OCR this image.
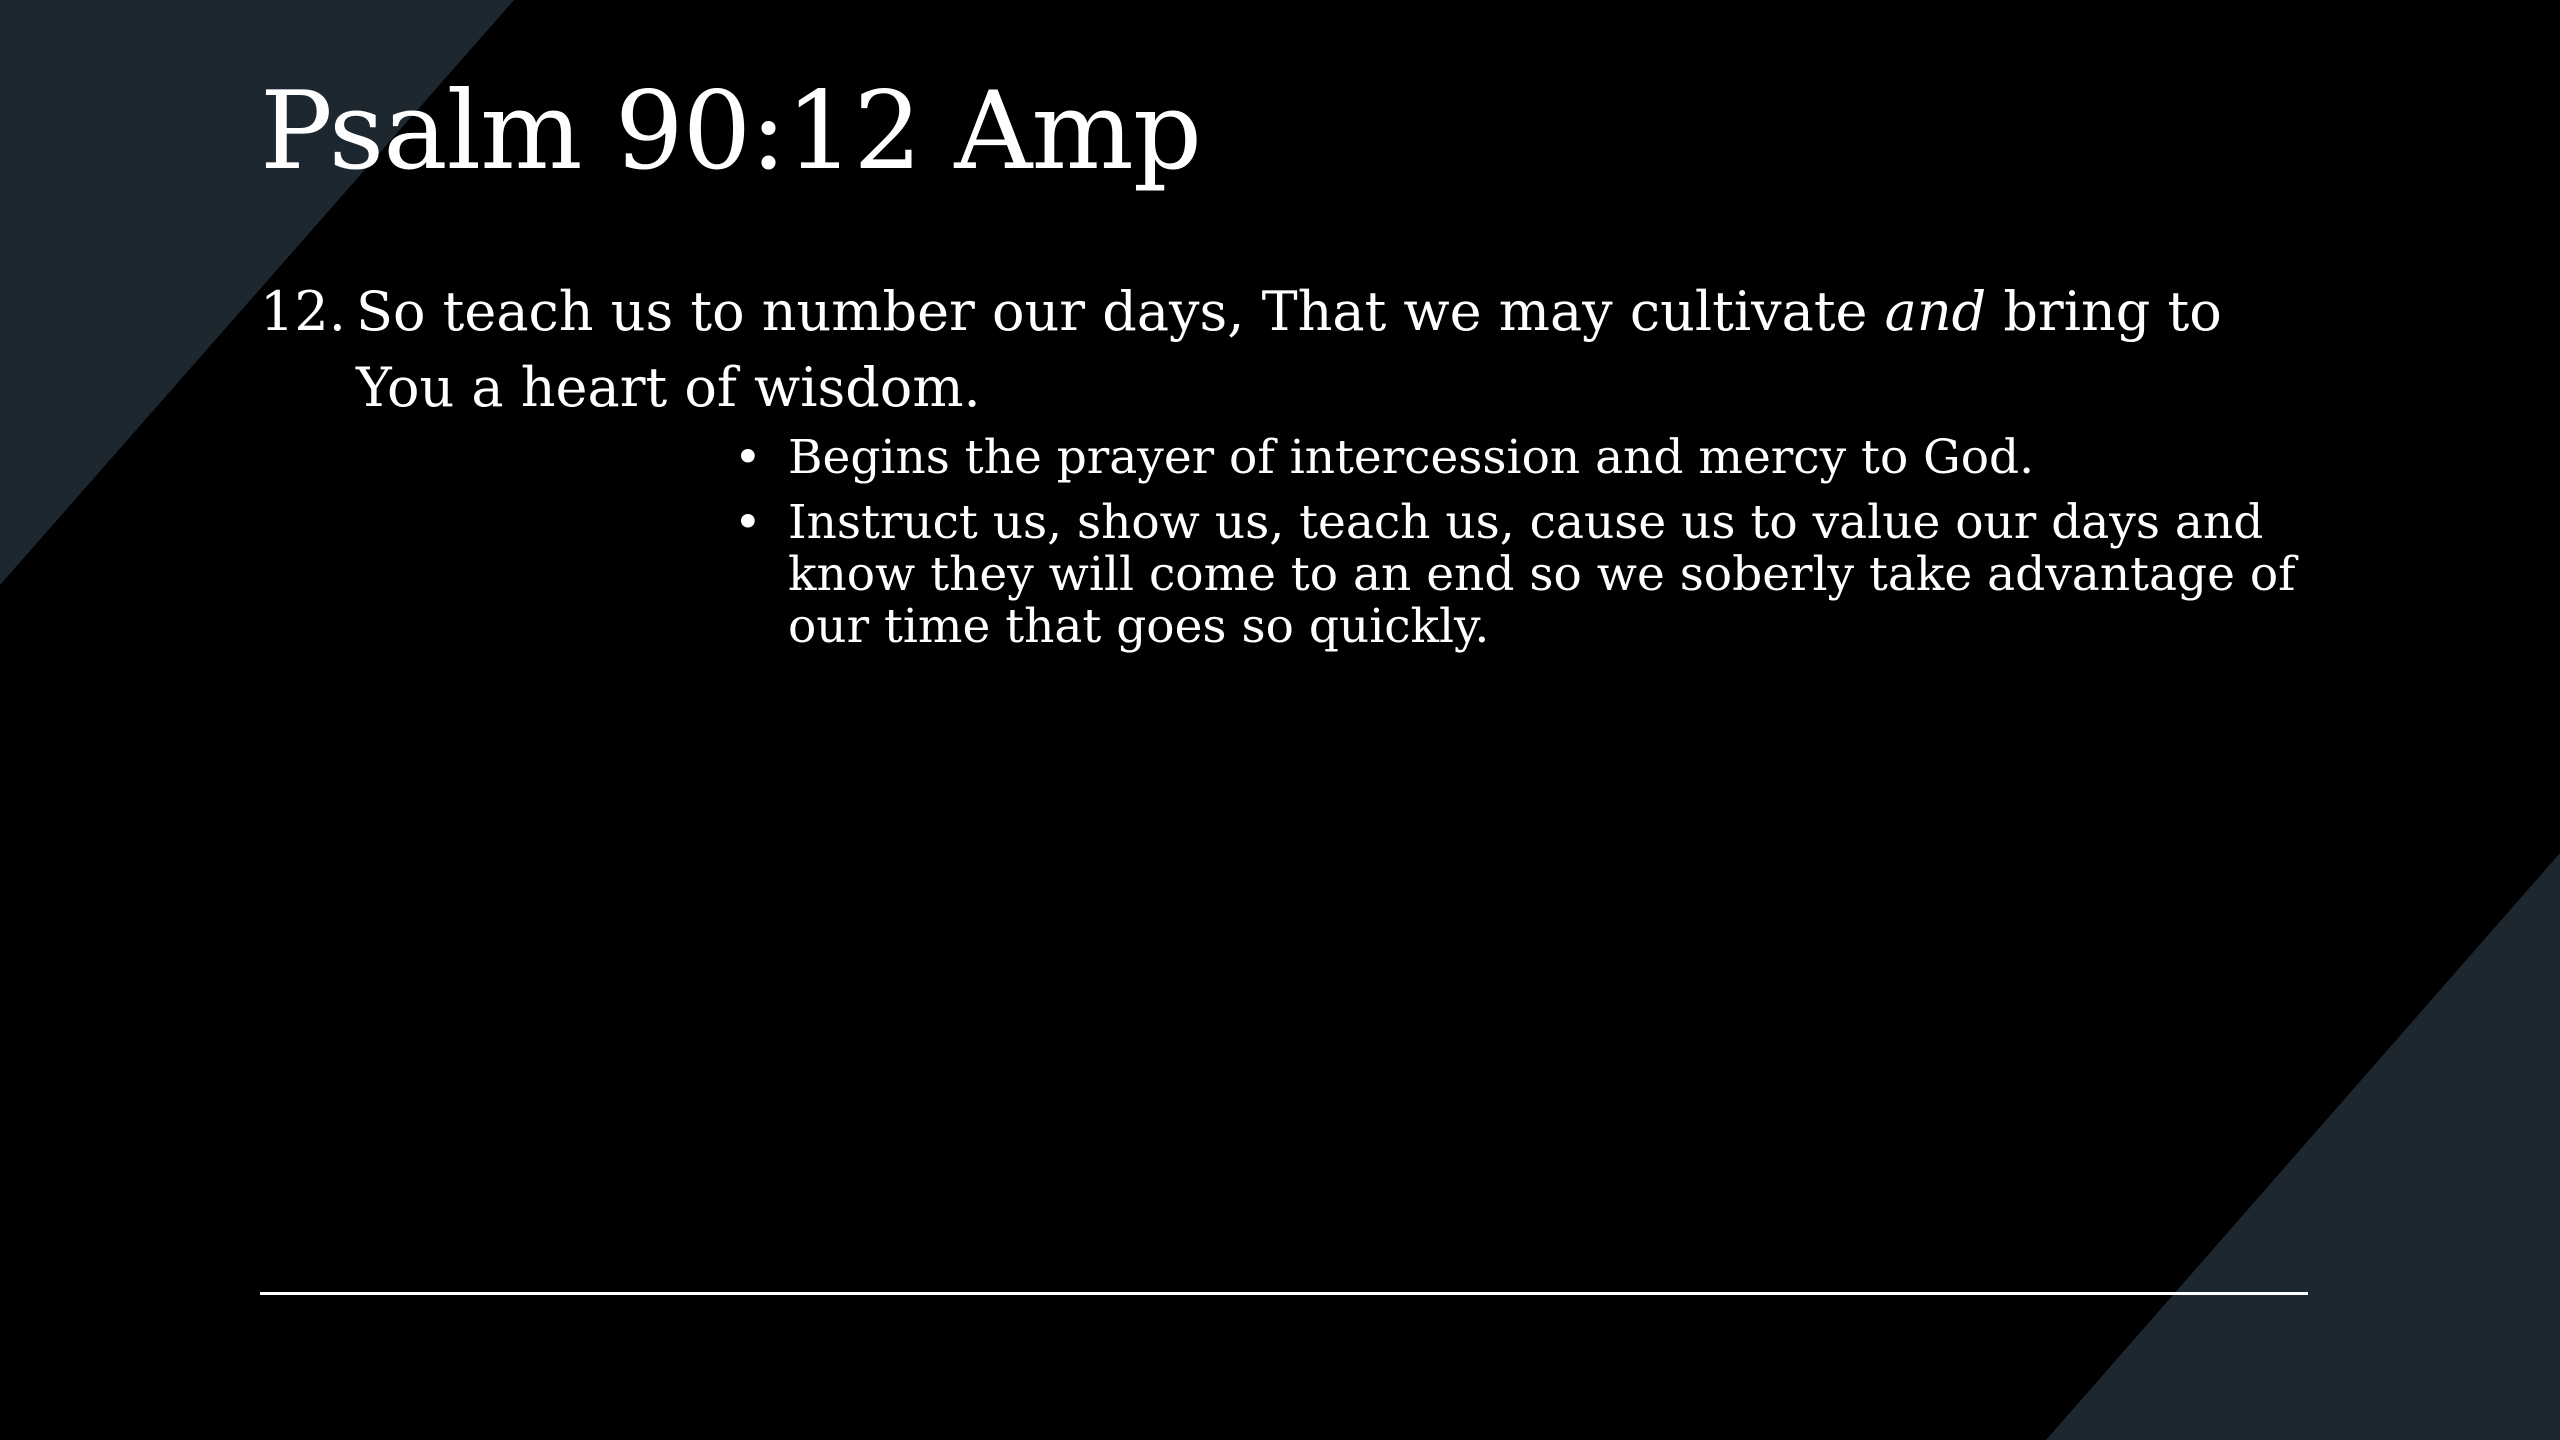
Psalm 90:12 Amp
12. So teach us to number our days, That we may cultivate and bring to You a heart of wisdom.
• Begins the prayer of intercession and mercy to God.
• Instruct us, show us, teach us, cause us to value our days and know they will come to an end so we soberly take advantage of our time that goes so quickly.
